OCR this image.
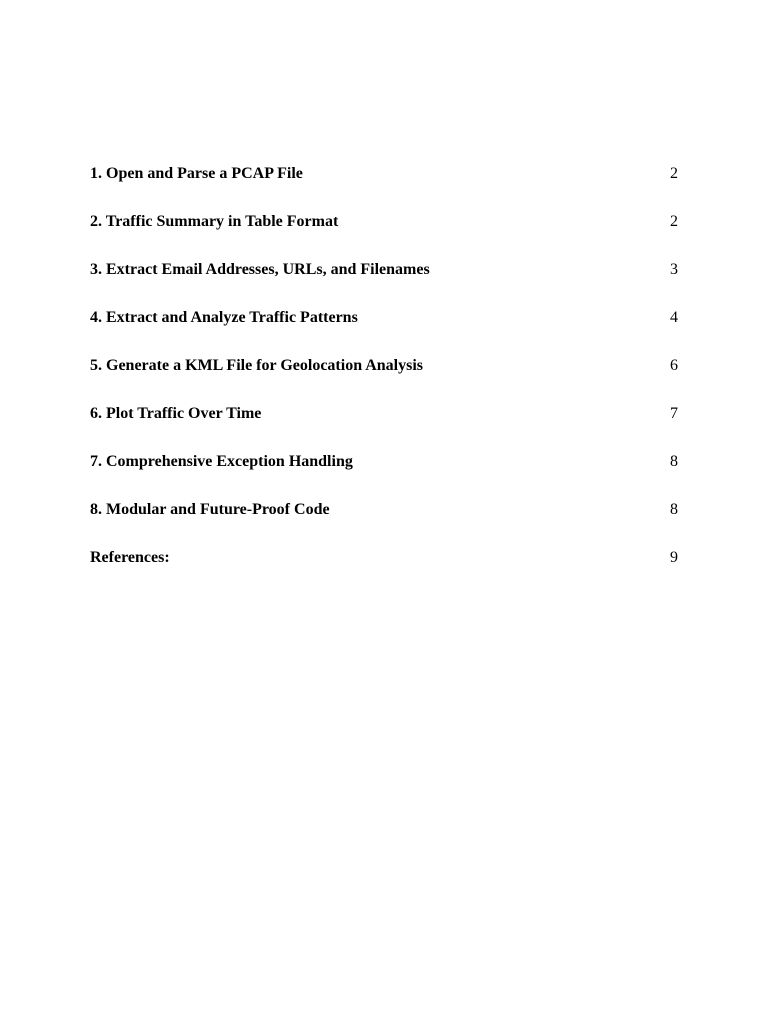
1. Open and Parse a PCAP File	2
2. Traffic Summary in Table Format	2
3. Extract Email Addresses, URLs, and Filenames	3
4. Extract and Analyze Traffic Patterns	4
5. Generate a KML File for Geolocation Analysis	6
6. Plot Traffic Over Time	7
7. Comprehensive Exception Handling	8
8. Modular and Future-Proof Code	8
References:	9
